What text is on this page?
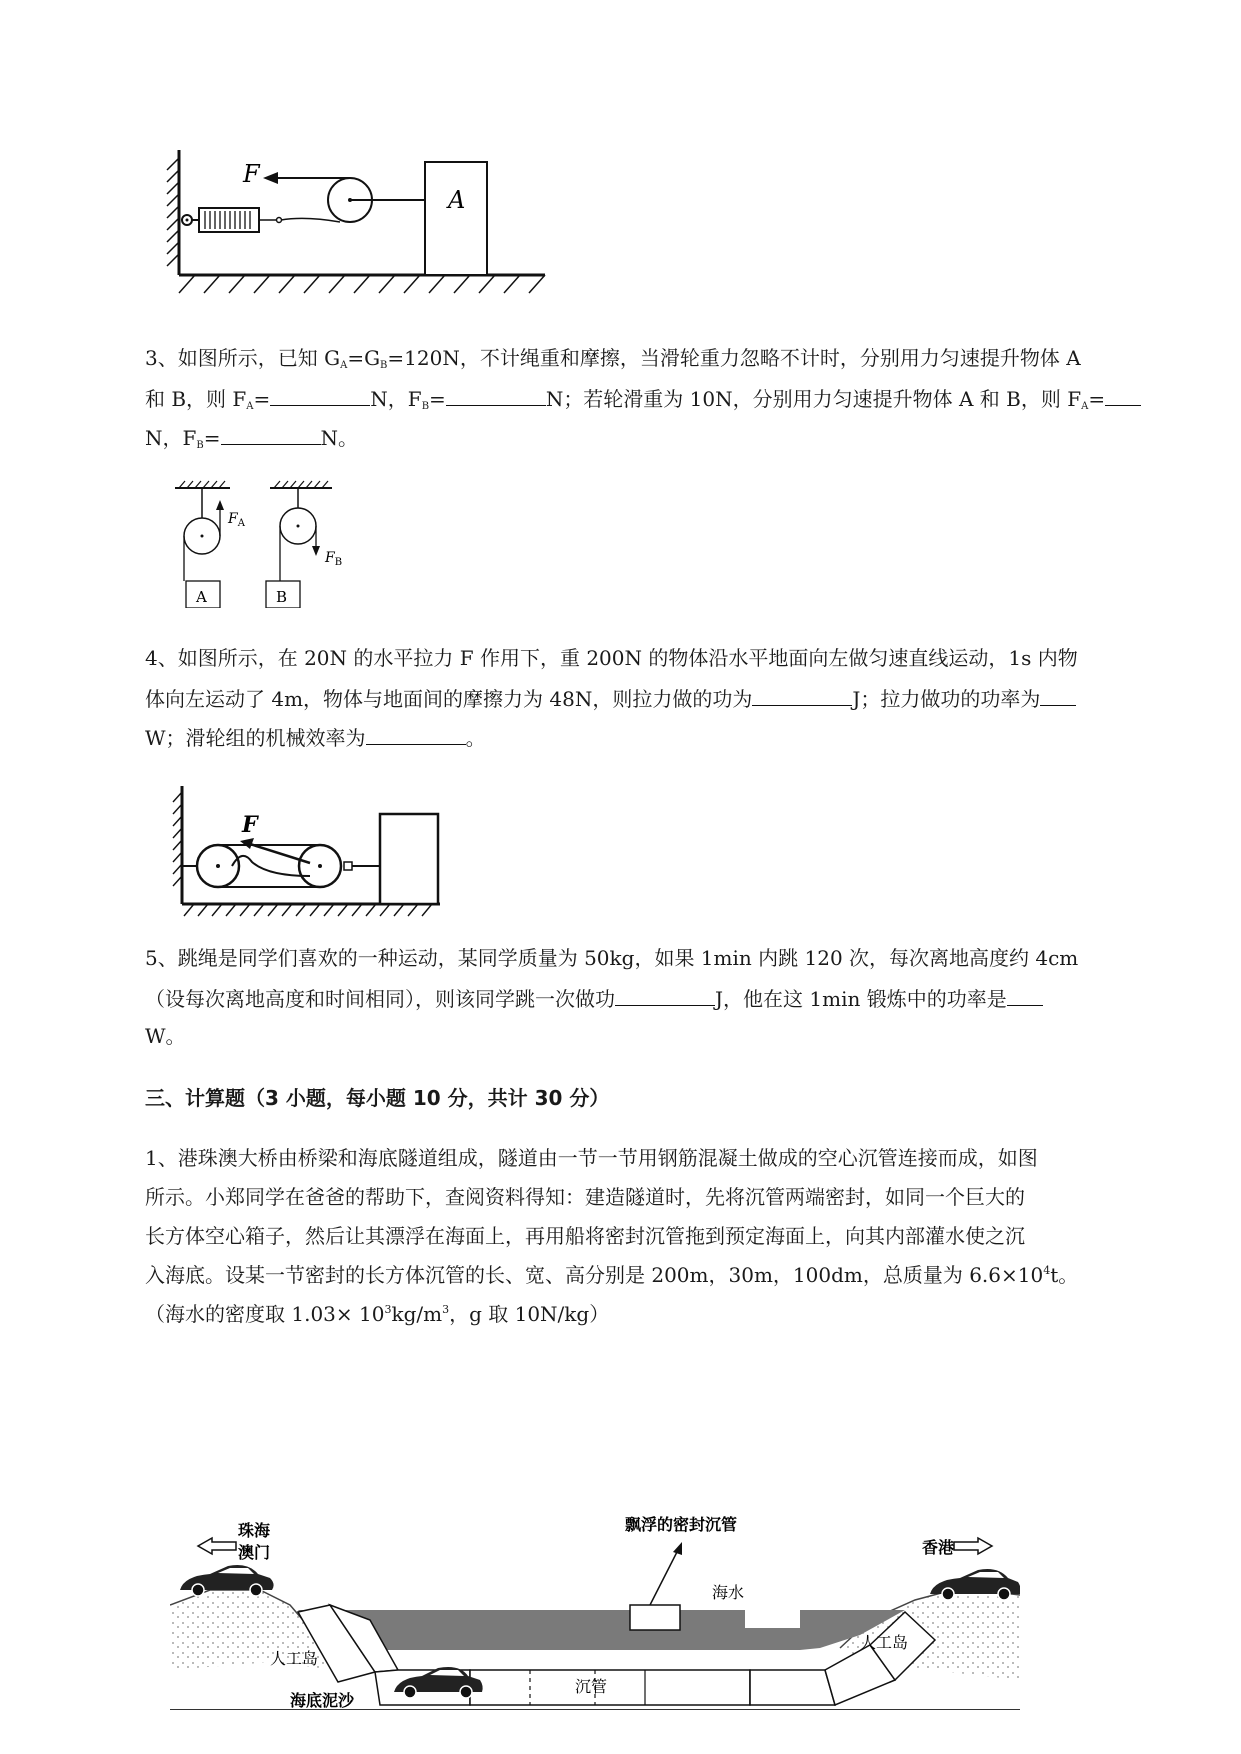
F
A
3、如图所示，已知 $G_A=G_B=120N$，不计绳重和摩擦，当滑轮重力忽略不计时，分别用力匀速提升物体 A
和 B，则 $F_A=$	N，$F_B=$	N；若轮滑重为 10N，分别用力匀速提升物体 A 和 B，则 $F_A=$
N，$F_B=$	N。
$F_A$
A
$F_B$
B
4、如图所示，在 20N 的水平拉力 F 作用下，重 200N 的物体沿水平地面向左做匀速直线运动，1s 内物
体向左运动了 4m，物体与地面间的摩擦力为 48N，则拉力做的功为	J；拉力做功的功率为
W；滑轮组的机械效率为	。
F
5、跳绳是同学们喜欢的一种运动，某同学质量为 50kg，如果 1min 内跳 120 次，每次离地高度约 4cm
（设每次离地高度和时间相同），则该同学跳一次做功	J，他在这 1min 锻炼中的功率是
W。
三、计算题（3 小题，每小题 10 分，共计 30 分）
1、港珠澳大桥由桥梁和海底隧道组成，隧道由一节一节用钢筋混凝土做成的空心沉管连接而成，如图
所示。小郑同学在爸爸的帮助下，查阅资料得知：建造隧道时，先将沉管两端密封，如同一个巨大的
长方体空心箱子，然后让其漂浮在海面上，再用船将密封沉管拖到预定海面上，向其内部灌水使之沉
入海底。设某一节密封的长方体沉管的长、宽、高分别是 200m，30m，100dm，总质量为 $6.6\times 10^4t$。
（海水的密度取 $1.03\times 10^3kg/m^3$，g 取 10N/kg）
珠海
澳门	香港
飘浮的密封沉管
海水
人工岛
人工岛
沉管
海底泥沙
